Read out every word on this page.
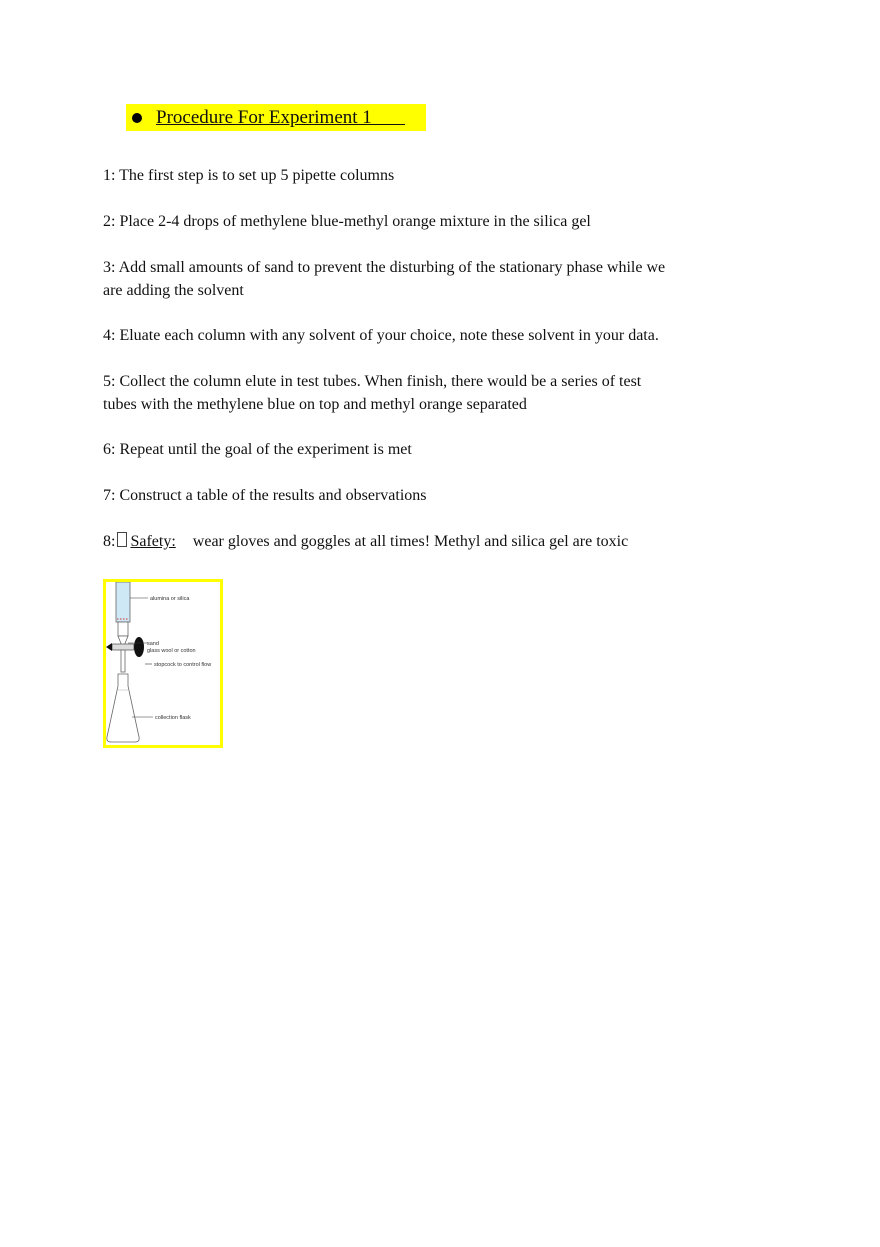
Procedure For Experiment 1
1: The first step is to set up 5 pipette columns
2: Place 2-4 drops of methylene blue-methyl orange mixture in the silica gel
3: Add small amounts of sand to prevent the disturbing of the stationary phase while we
are adding the solvent
4: Eluate each column with any solvent of your choice, note these solvent in your data.
5: Collect the column elute in test tubes. When finish, there would be a series of test
tubes with the methylene blue on top and methyl orange separated
6: Repeat until the goal of the experiment is met
7: Construct a table of the results and observations
8: Safety: wear gloves and goggles at all times! Methyl and silica gel are toxic
alumina or silica
sand
glass wool or cotton
stopcock to control flow
collection flask
